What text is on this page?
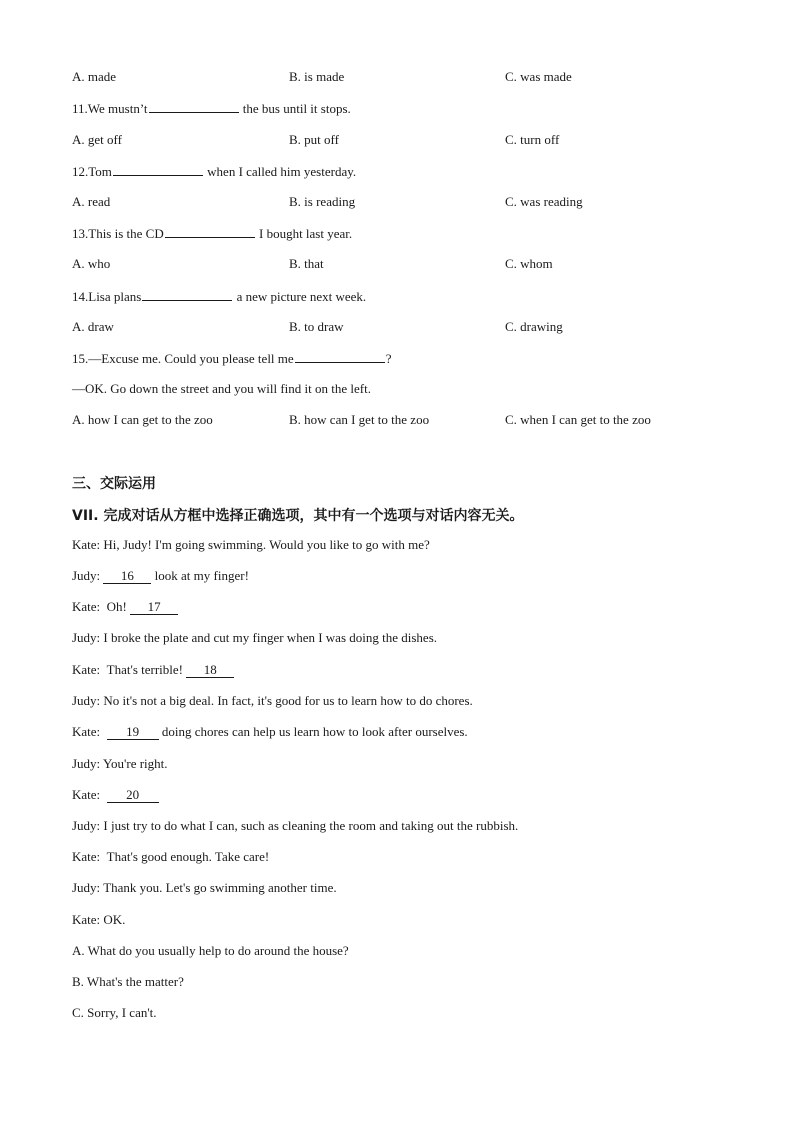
A. made	B. is made	C. was made
11.We mustn’t	the bus until it stops.
A. get off	B. put off	C. turn off
12.Tom	when I called him yesterday.
A. read	B. is reading	C. was reading
13.This is the CD	I bought last year.
A. who	B. that	C. whom
14.Lisa plans	a new picture next week.
A. draw	B. to draw	C. drawing
15.—Excuse me. Could you please tell me	?
—OK. Go down the street and you will find it on the left.
A. how I can get to the zoo	B. how can I get to the zoo	C. when I can get to the zoo
三、交际运用
VII. 完成对话从方框中选择正确选项，其中有一个选项与对话内容无关。
Kate: Hi, Judy! I'm going swimming. Would you like to go with me?
Judy: 16 look at my finger!
Kate: Oh! 17
Judy: I broke the plate and cut my finger when I was doing the dishes.
Kate: That's terrible! 18
Judy: No it's not a big deal. In fact, it's good for us to learn how to do chores.
Kate: 19 doing chores can help us learn how to look after ourselves.
Judy: You're right.
Kate: 20
Judy: I just try to do what I can, such as cleaning the room and taking out the rubbish.
Kate: That's good enough. Take care!
Judy: Thank you. Let's go swimming another time.
Kate: OK.
A. What do you usually help to do around the house?
B. What's the matter?
C. Sorry, I can't.
